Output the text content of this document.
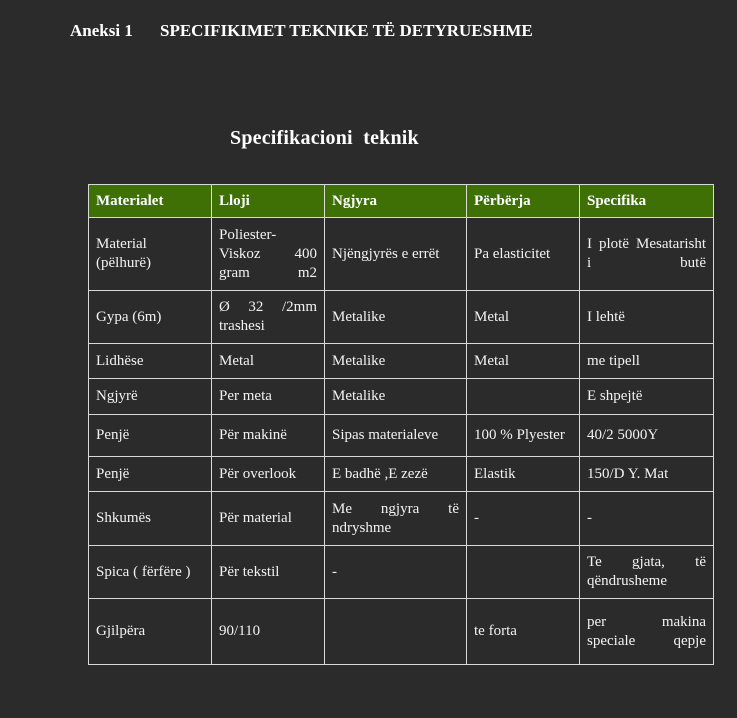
Aneksi 1 SPECIFIKIMET TEKNIKE TË DETYRUESHME
Specifikacioni  teknik
Materialet	Lloji	Ngjyra	Përbërja	Specifika
Material (pëlhurë)	Poliester-Viskoz 400 gram m2	Njëngjyrës e errët	Pa elasticitet	I plotë Mesatarisht i butë
Gypa (6m)	Ø 32 /2mm trashesi	Metalike	Metal	I lehtë
Lidhëse	Metal	Metalike	Metal	me tipell
Ngjyrë	Per meta	Metalike		E shpejtë
Penjë	Për makinë	Sipas materialeve	100 % Plyester	40/2 5000Y
Penjë	Për overlook	E badhë ,E zezë	Elastik	150/D Y. Mat
Shkumës	Për material	Me ngjyra të ndryshme	-	-
Spica ( fërfëre )	Për tekstil	-		Te gjata, të qëndrusheme
Gjilpëra	90/110		te forta	per makina speciale qepje
